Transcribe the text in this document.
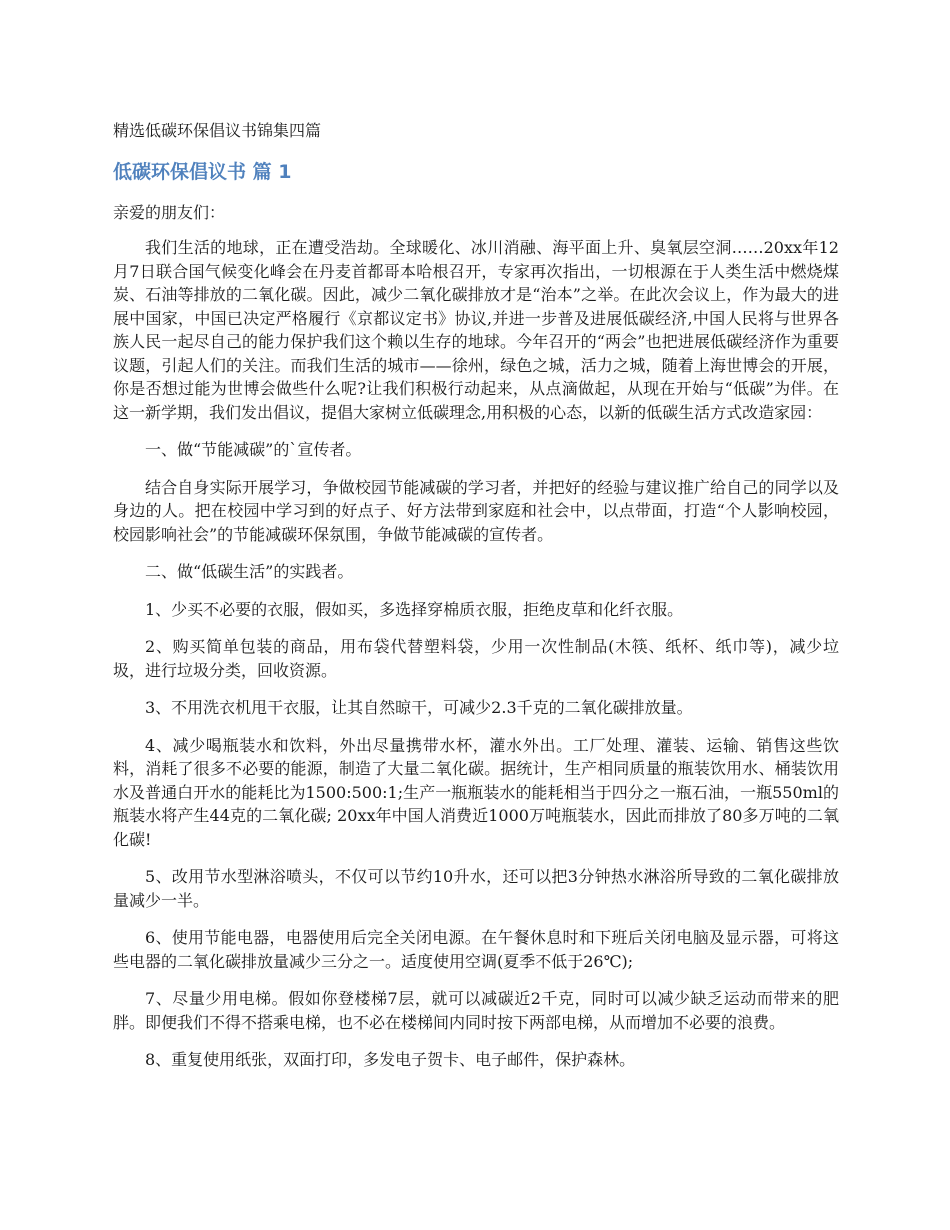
精选低碳环保倡议书锦集四篇
低碳环保倡议书 篇 1
亲爱的朋友们：

我们生活的地球，正在遭受浩劫。全球暖化、冰川消融、海平面上升、臭氧层空洞……20xx年12月7日联合国气候变化峰会在丹麦首都哥本哈根召开，专家再次指出，一切根源在于人类生活中燃烧煤炭、石油等排放的二氧化碳。因此，减少二氧化碳排放才是“治本”之举。在此次会议上，作为最大的进展中国家，中国已决定严格履行《京都议定书》协议,并进一步普及进展低碳经济,中国人民将与世界各族人民一起尽自己的能力保护我们这个赖以生存的地球。今年召开的“两会”也把进展低碳经济作为重要议题，引起人们的关注。而我们生活的城市——徐州，绿色之城，活力之城，随着上海世博会的开展，你是否想过能为世博会做些什么呢?让我们积极行动起来，从点滴做起，从现在开始与“低碳”为伴。在这一新学期，我们发出倡议，提倡大家树立低碳理念,用积极的心态，以新的低碳生活方式改造家园：

一、做“节能减碳”的`宣传者。

结合自身实际开展学习，争做校园节能减碳的学习者，并把好的经验与建议推广给自己的同学以及身边的人。把在校园中学习到的好点子、好方法带到家庭和社会中，以点带面，打造“个人影响校园，校园影响社会”的节能减碳环保氛围，争做节能减碳的宣传者。

二、做“低碳生活”的实践者。

1、少买不必要的衣服，假如买，多选择穿棉质衣服，拒绝皮草和化纤衣服。

2、购买简单包装的商品，用布袋代替塑料袋，少用一次性制品(木筷、纸杯、纸巾等)，减少垃圾，进行垃圾分类，回收资源。

3、不用洗衣机甩干衣服，让其自然晾干，可减少2.3千克的二氧化碳排放量。

4、减少喝瓶装水和饮料，外出尽量携带水杯，灌水外出。工厂处理、灌装、运输、销售这些饮料，消耗了很多不必要的能源，制造了大量二氧化碳。据统计，生产相同质量的瓶装饮用水、桶装饮用水及普通白开水的能耗比为1500:500:1;生产一瓶瓶装水的能耗相当于四分之一瓶石油，一瓶550ml的瓶装水将产生44克的二氧化碳; 20xx年中国人消费近1000万吨瓶装水，因此而排放了80多万吨的二氧化碳!

5、改用节水型淋浴喷头，不仅可以节约10升水，还可以把3分钟热水淋浴所导致的二氧化碳排放量减少一半。

6、使用节能电器，电器使用后完全关闭电源。在午餐休息时和下班后关闭电脑及显示器，可将这些电器的二氧化碳排放量减少三分之一。适度使用空调(夏季不低于26℃);

7、尽量少用电梯。假如你登楼梯7层，就可以减碳近2千克，同时可以减少缺乏运动而带来的肥胖。即便我们不得不搭乘电梯，也不必在楼梯间内同时按下两部电梯，从而增加不必要的浪费。

8、重复使用纸张，双面打印，多发电子贺卡、电子邮件，保护森林。
